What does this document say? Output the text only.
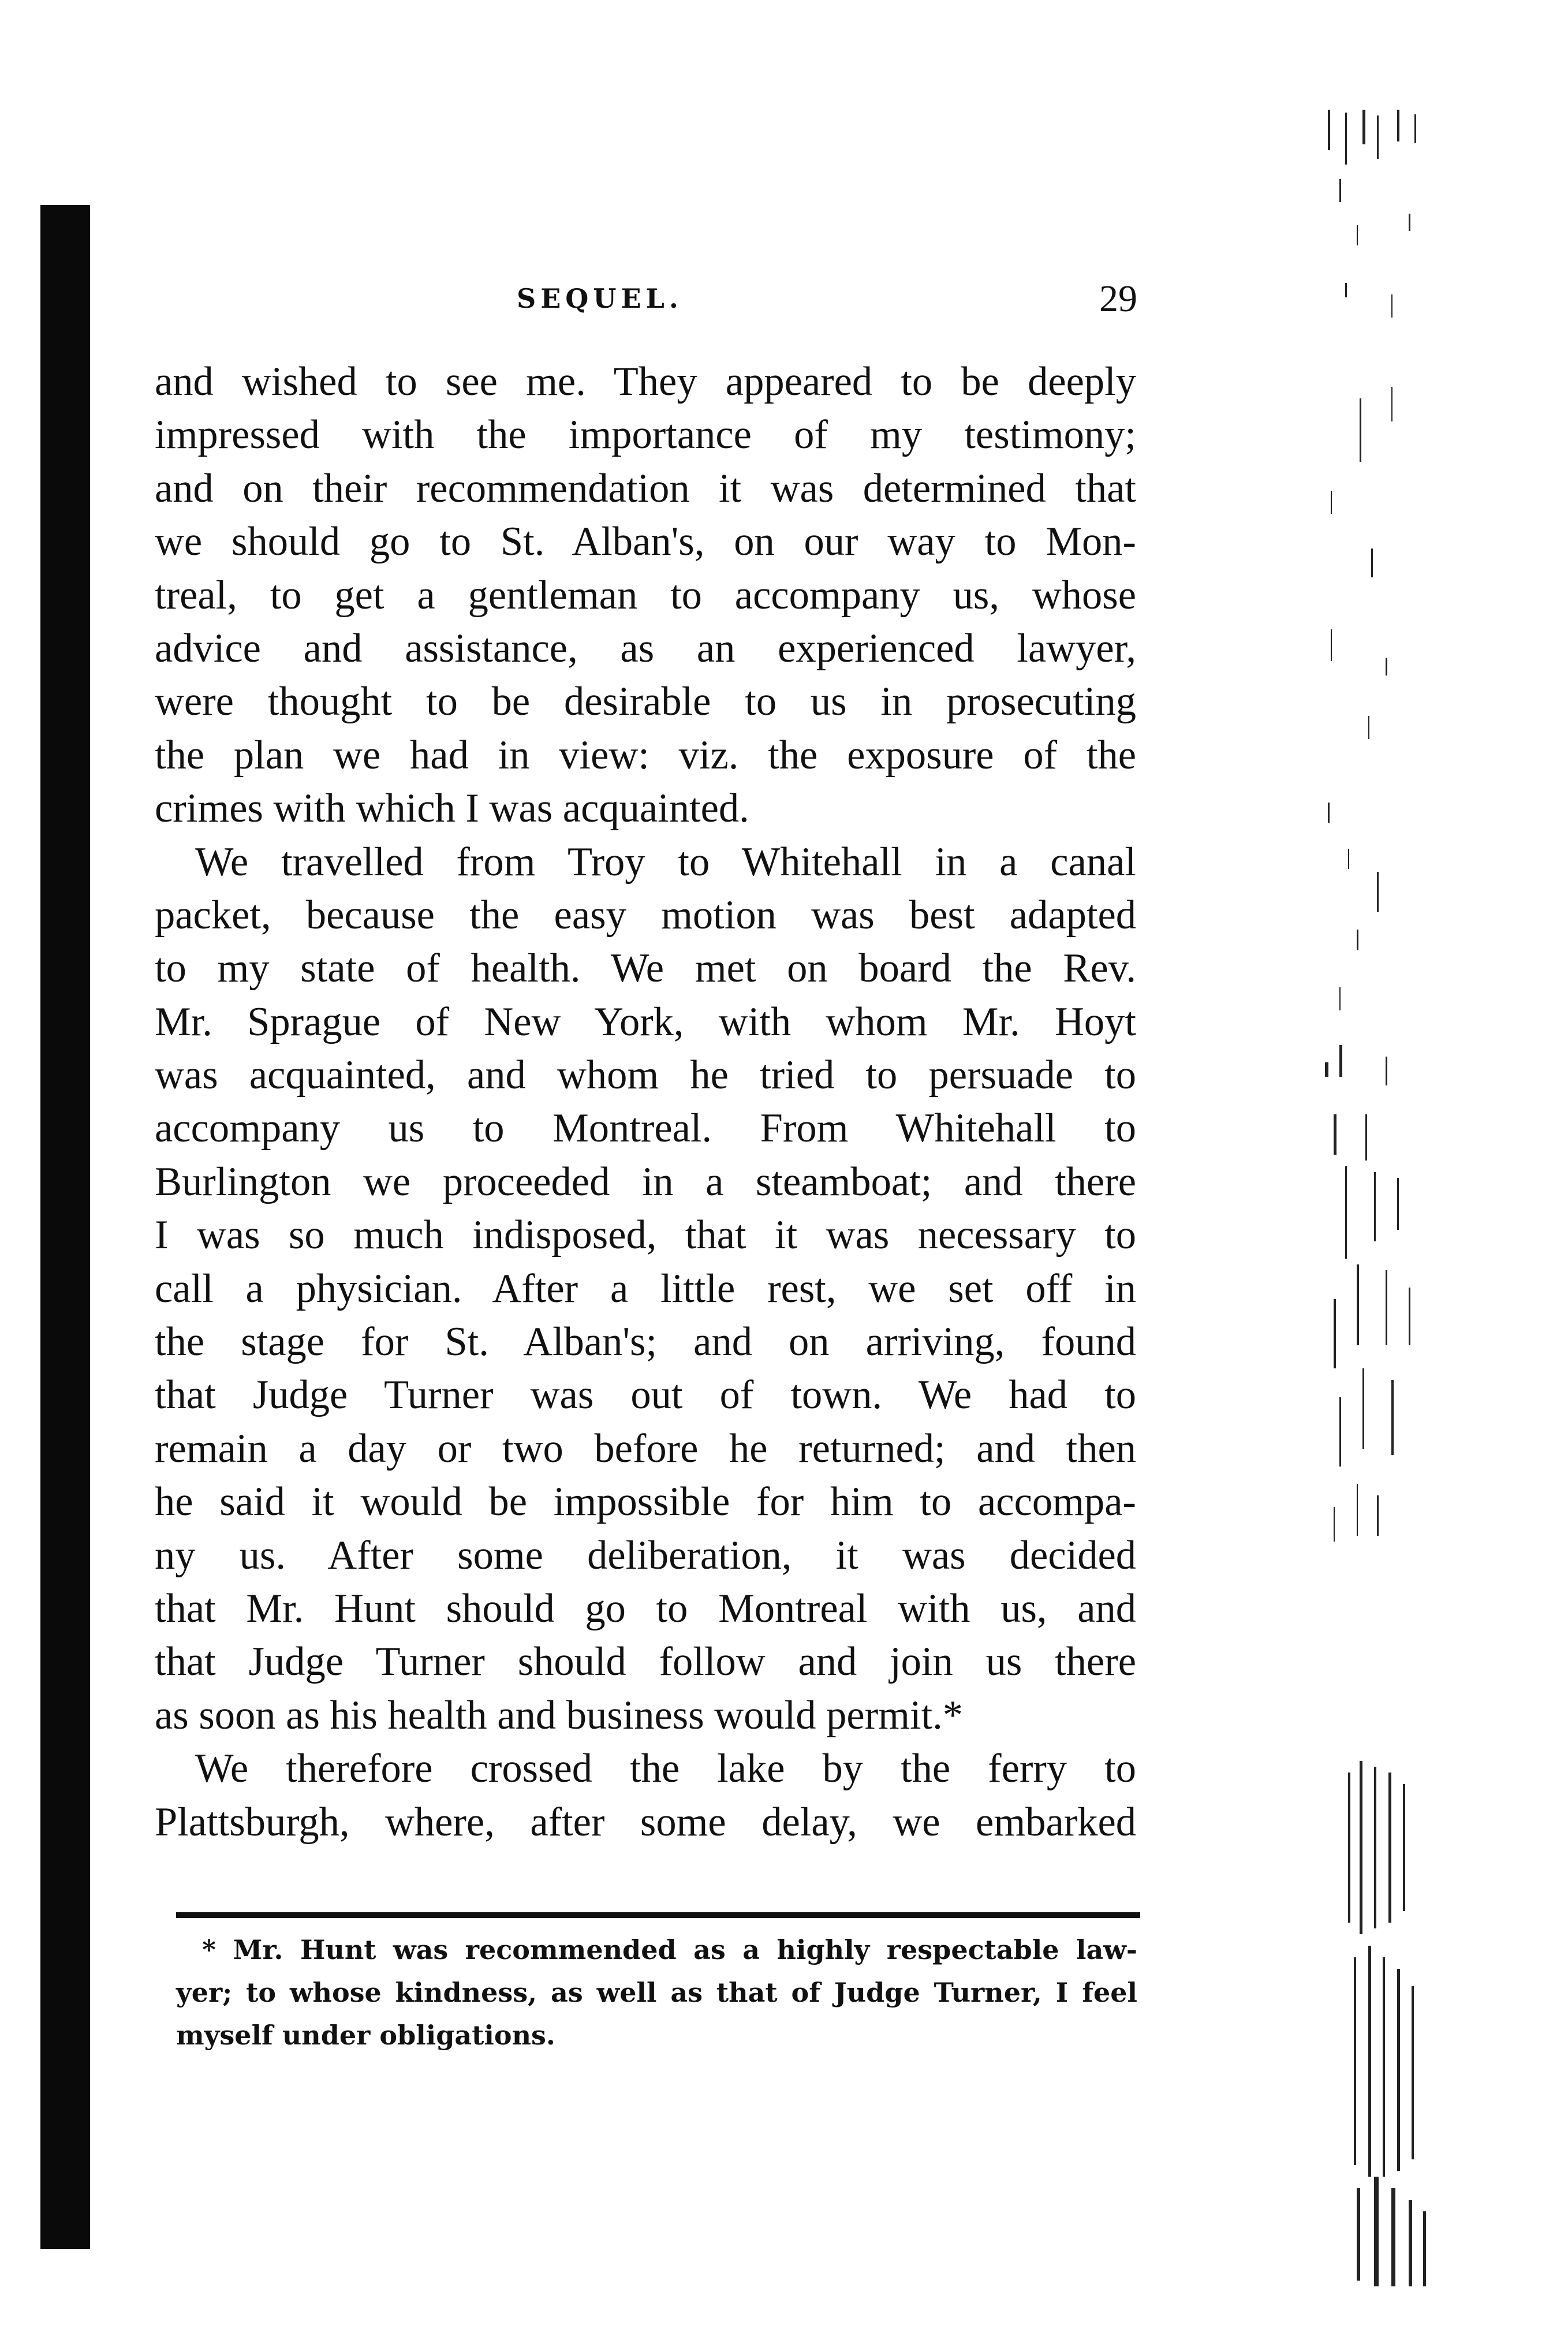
SEQUEL.	29
and wished to see me. They appeared to be deeply
impressed with the importance of my testimony;
and on their recommendation it was determined that
we should go to St. Alban's, on our way to Mon-
treal, to get a gentleman to accompany us, whose
advice and assistance, as an experienced lawyer,
were thought to be desirable to us in prosecuting
the plan we had in view: viz. the exposure of the
crimes with which I was acquainted.
We travelled from Troy to Whitehall in a canal
packet, because the easy motion was best adapted
to my state of health. We met on board the Rev.
Mr. Sprague of New York, with whom Mr. Hoyt
was acquainted, and whom he tried to persuade to
accompany us to Montreal. From Whitehall to
Burlington we proceeded in a steamboat; and there
I was so much indisposed, that it was necessary to
call a physician. After a little rest, we set off in
the stage for St. Alban's; and on arriving, found
that Judge Turner was out of town. We had to
remain a day or two before he returned; and then
he said it would be impossible for him to accompa-
ny us. After some deliberation, it was decided
that Mr. Hunt should go to Montreal with us, and
that Judge Turner should follow and join us there
as soon as his health and business would permit.*
We therefore crossed the lake by the ferry to
Plattsburgh, where, after some delay, we embarked
* Mr. Hunt was recommended as a highly respectable law-
yer; to whose kindness, as well as that of Judge Turner, I feel
myself under obligations.
